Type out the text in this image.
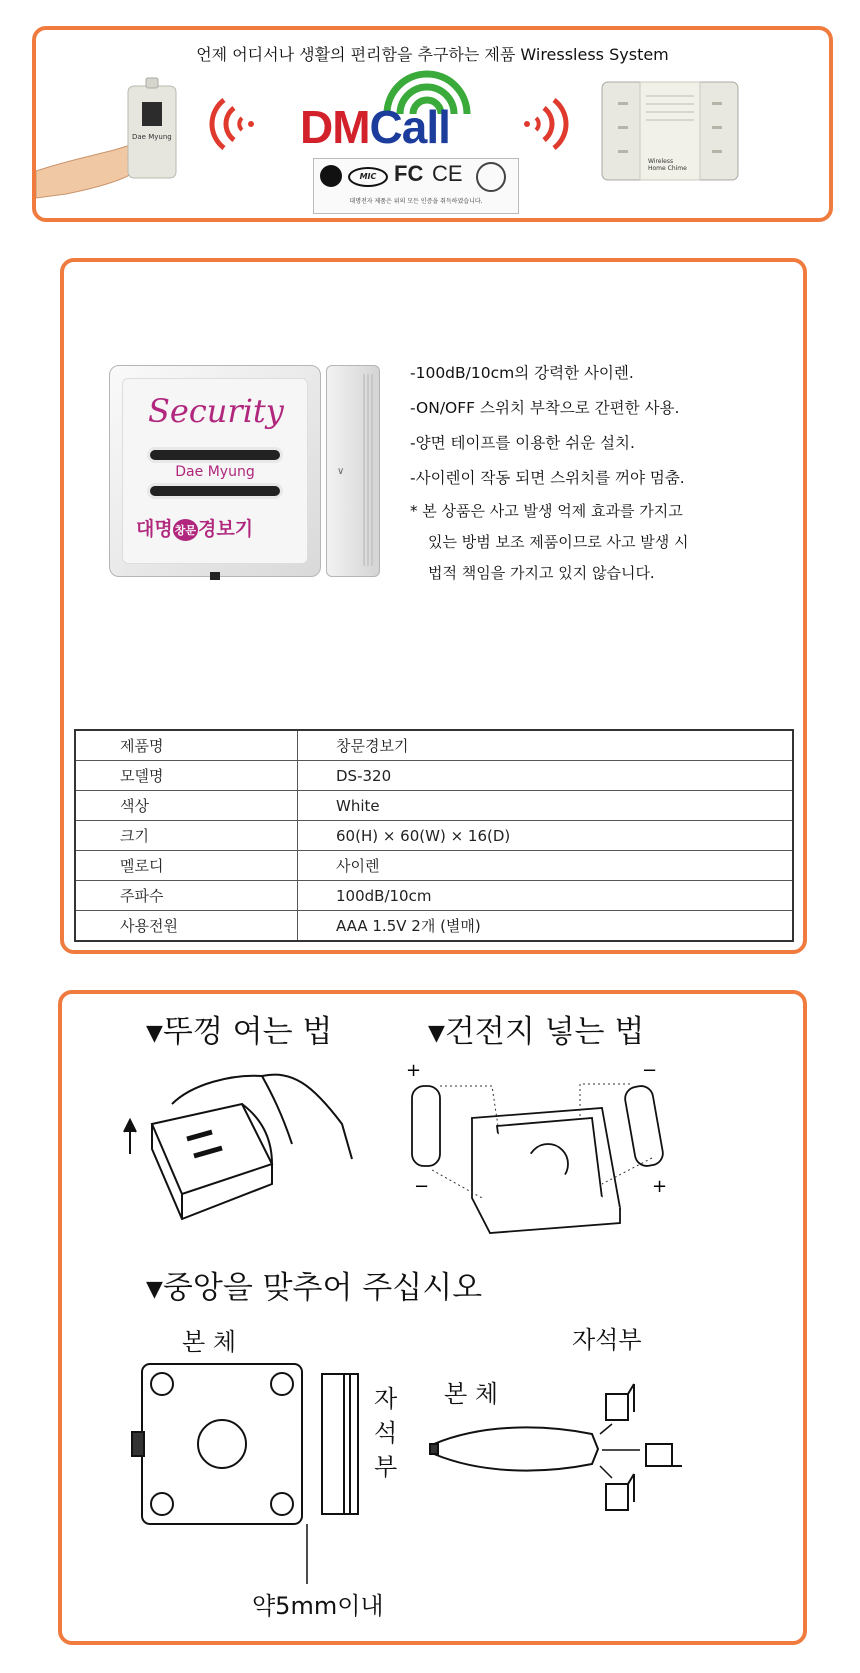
언제 어디서나 생활의 편리함을 추구하는 제품 Wiressless System
Dae Myung	DMCall
MIC FC CE
대명전자 제품은 위의 모든 인증을 취득하였습니다.
Wireless Home Chime
Security
Dae Myung
대명 창문 경보기
∨
-100dB/10cm의 강력한 사이렌.
-ON/OFF 스위치 부착으로 간편한 사용.
-양면 테이프를 이용한 쉬운 설치.
-사이렌이 작동 되면 스위치를 꺼야 멈춤.
* 본 상품은 사고 발생 억제 효과를 가지고
있는 방범 보조 제품이므로 사고 발생 시
법적 책임을 가지고 있지 않습니다.
제품명	창문경보기
모델명	DS-320
색상	White
크기	60(H) × 60(W) × 16(D)
멜로디	사이렌
주파수	100dB/10cm
사용전원	AAA 1.5V 2개 (별매)
▼뚜껑 여는 법	▼건전지 넣는 법
+	−
−	+
▼중앙을 맞추어 주십시오
본 체
자
석
부
약5mm이내
본 체
자석부
